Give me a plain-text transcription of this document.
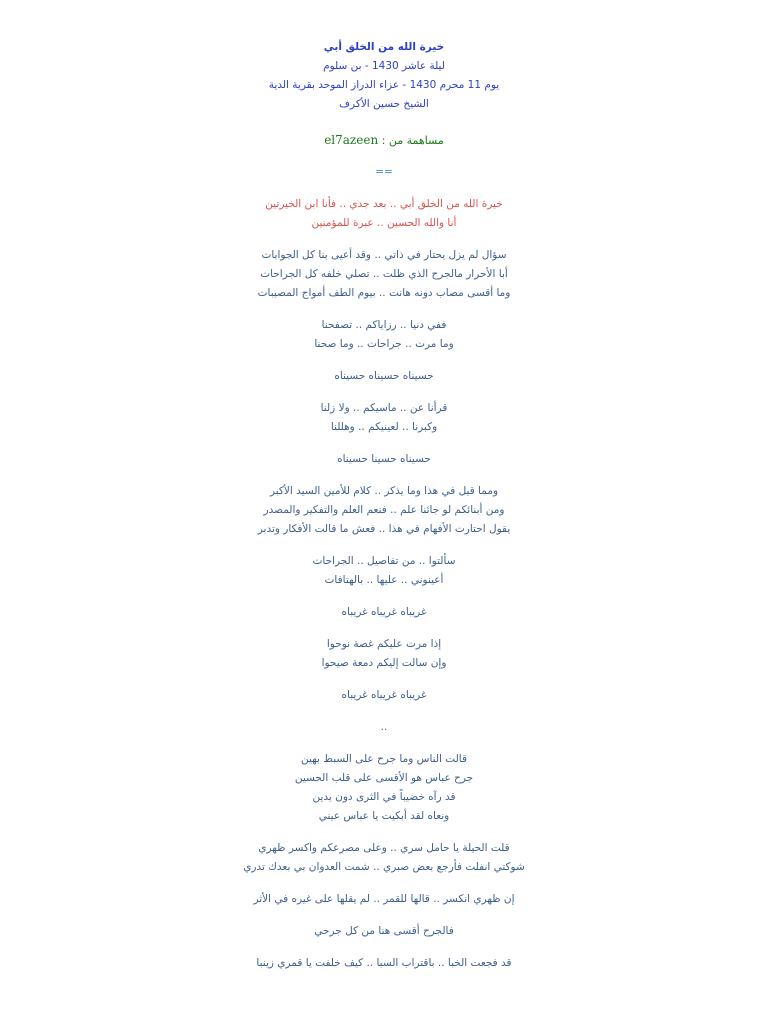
خيرة الله من الخلق أبي
ليلة عاشر 1430 - بن سلوم
يوم 11 محرم 1430 - عزاء الدراز الموحد بقرية الدية
الشيخ حسين الأكرف
مساهمة من : el7azeen
==
خيرة الله من الخلق أبي .. بعد جدي .. فأنا ابن الخيرتين
أنا والله الحسين .. عبرة للمؤمنين
سؤال لم يزل يحتار في ذاتي .. وقد أعيى بنا كل الجوابات
أبا الأحرار مالجرح الذي ظلت .. تصلي خلفه كل الجراحات
وما أقسى مصاب دونه هانت .. بيوم الطف أمواج المصيبات
ففي دنيا .. رزاياكم .. تصفحنا
وما مرت .. جراحات .. وما صحنا
حسيناه حسيناه حسيناه
قرأنا عن .. ماسيكم .. ولا زلنا
وكبرنا .. لعينيكم .. وهللنا
حسيناه حسينا حسيناه
ومما قيل في هذا وما يذكر .. كلام للأمين السيد الأكبر
ومن أبنائكم لو جائنا علم .. فنعم العلم والتفكير والمصدر
يقول احتارت الأفهام في هذا .. فعش ما قالت الأفكار وتدبر
سألتوا .. من تفاصيل .. الجراحات
أعينوني .. عليها .. بالهتافات
غريباه غريباه غريباه
إذا مرت عليكم غصة نوحوا
وإن سالت إليكم دمعة صيحوا
غريباه غريباه غريباه
..
قالت الناس وما جرح على السبط بهين
جرح عباس هو الأقسى على قلب الحسين
قد رآه خضيباً في الثرى دون يدين
ونعاه لقد أبكيت يا عباس عيني
قلت الحيلة يا حامل سري .. وعلى مصرعكم واكسر ظهري
شوكتي انفلت فأرجع بعض صبري .. شمت العدوان بي بعدك تدري
إن ظهري انكسر .. قالها للقمر .. لم يقلها على غيره في الأثر
فالجرح أقسى هنا من كل جرحي
قد فجعت الخبا .. باقتراب السبا .. كيف خلفت يا قمري زينبا
